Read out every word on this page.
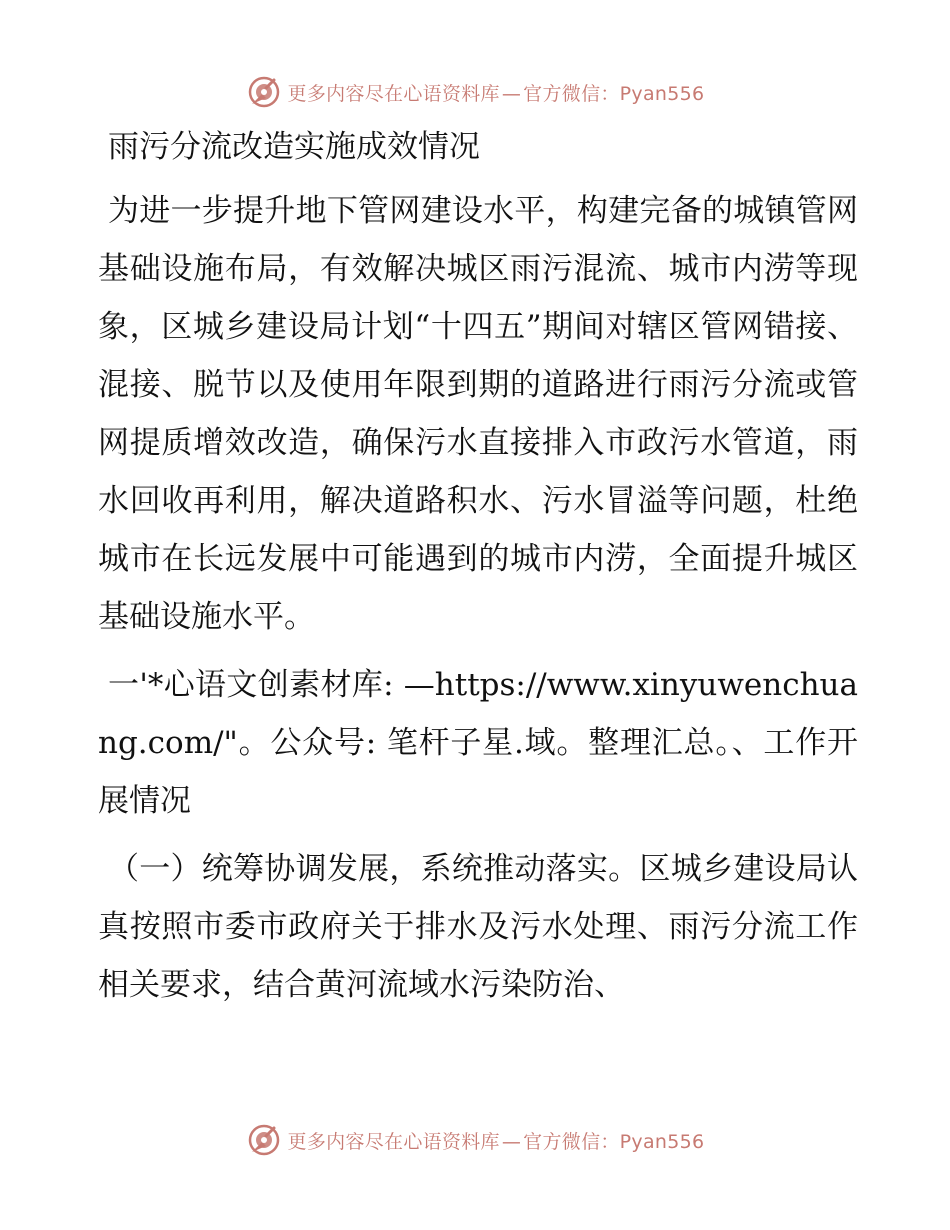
更多内容尽在心语资料库 — 官方微信：Pyan556
雨污分流改造实施成效情况

为进一步提升地下管网建设水平，构建完备的城镇管网基础设施布局，有效解决城区雨污混流、城市内涝等现象，区城乡建设局计划“十四五”期间对辖区管网错接、混接、脱节以及使用年限到期的道路进行雨污分流或管网提质增效改造，确保污水直接排入市政污水管道，雨水回收再利用，解决道路积水、污水冒溢等问题，杜绝城市在长远发展中可能遇到的城市内涝，全面提升城区基础设施水平。

一'*心语文创素材库: —https://www.xinyuwenchuang.com/"。公众号: 笔杆子星.域。整理汇总。、工作开展情况

（一）统筹协调发展，系统推动落实。区城乡建设局认真按照市委市政府关于排水及污水处理、雨污分流工作相关要求，结合黄河流域水污染防治、

更多内容尽在心语资料库 — 官方微信：Pyan556
